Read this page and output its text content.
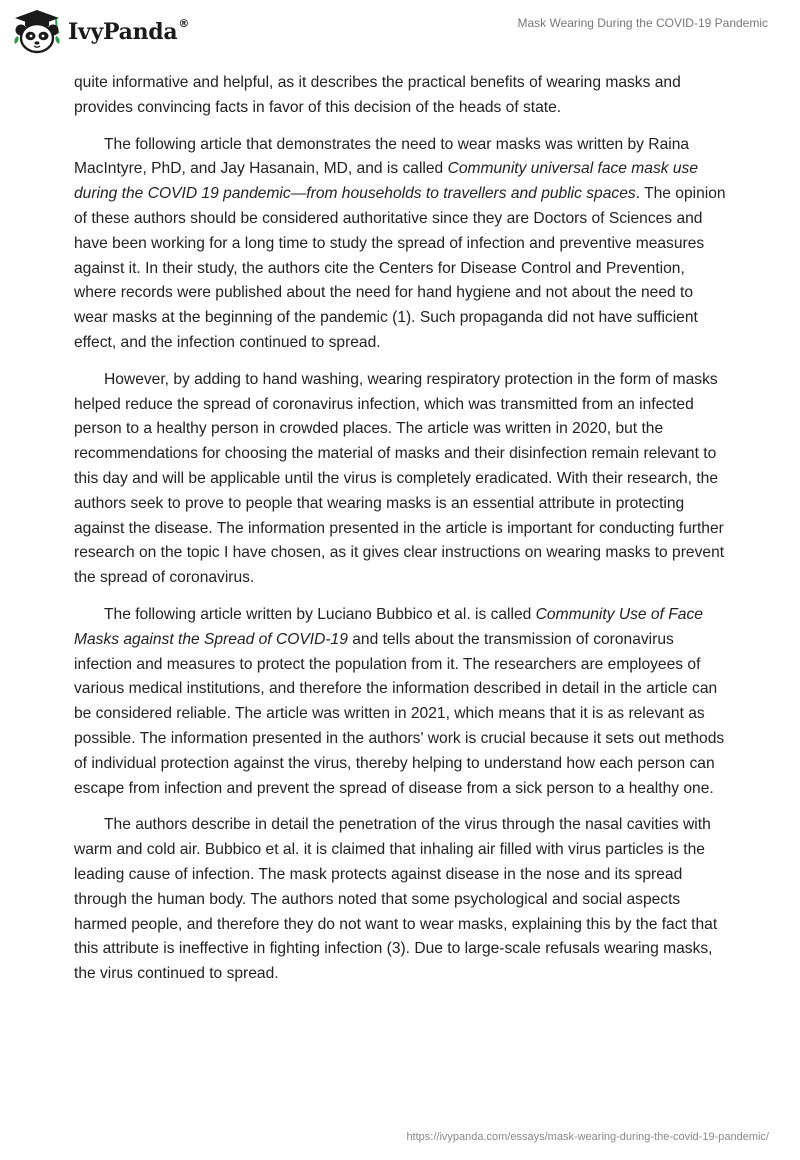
IvyPanda®	Mask Wearing During the COVID-19 Pandemic

quite informative and helpful, as it describes the practical benefits of wearing masks and provides convincing facts in favor of this decision of the heads of state.

The following article that demonstrates the need to wear masks was written by Raina MacIntyre, PhD, and Jay Hasanain, MD, and is called Community universal face mask use during the COVID 19 pandemic—from households to travellers and public spaces. The opinion of these authors should be considered authoritative since they are Doctors of Sciences and have been working for a long time to study the spread of infection and preventive measures against it. In their study, the authors cite the Centers for Disease Control and Prevention, where records were published about the need for hand hygiene and not about the need to wear masks at the beginning of the pandemic (1). Such propaganda did not have sufficient effect, and the infection continued to spread.

However, by adding to hand washing, wearing respiratory protection in the form of masks helped reduce the spread of coronavirus infection, which was transmitted from an infected person to a healthy person in crowded places. The article was written in 2020, but the recommendations for choosing the material of masks and their disinfection remain relevant to this day and will be applicable until the virus is completely eradicated. With their research, the authors seek to prove to people that wearing masks is an essential attribute in protecting against the disease. The information presented in the article is important for conducting further research on the topic I have chosen, as it gives clear instructions on wearing masks to prevent the spread of coronavirus.

The following article written by Luciano Bubbico et al. is called Community Use of Face Masks against the Spread of COVID-19 and tells about the transmission of coronavirus infection and measures to protect the population from it. The researchers are employees of various medical institutions, and therefore the information described in detail in the article can be considered reliable. The article was written in 2021, which means that it is as relevant as possible. The information presented in the authors' work is crucial because it sets out methods of individual protection against the virus, thereby helping to understand how each person can escape from infection and prevent the spread of disease from a sick person to a healthy one.

The authors describe in detail the penetration of the virus through the nasal cavities with warm and cold air. Bubbico et al. it is claimed that inhaling air filled with virus particles is the leading cause of infection. The mask protects against disease in the nose and its spread through the human body. The authors noted that some psychological and social aspects harmed people, and therefore they do not want to wear masks, explaining this by the fact that this attribute is ineffective in fighting infection (3). Due to large-scale refusals wearing masks, the virus continued to spread.

https://ivypanda.com/essays/mask-wearing-during-the-covid-19-pandemic/
